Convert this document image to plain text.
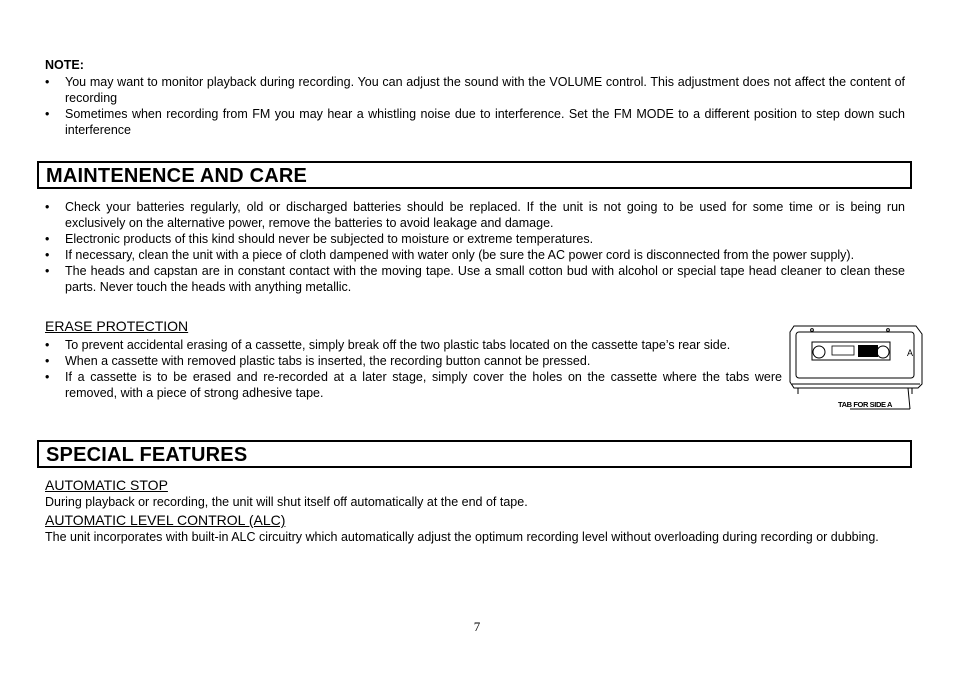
NOTE:
• You may want to monitor playback during recording. You can adjust the sound with the VOLUME control. This adjustment does not affect the content of recording
• Sometimes when recording from FM you may hear a whistling noise due to interference. Set the FM MODE to a different position to step down such interference
MAINTENENCE AND CARE
• Check your batteries regularly, old or discharged batteries should be replaced. If the unit is not going to be used for some time or is being run exclusively on the alternative power, remove the batteries to avoid leakage and damage.
• Electronic products of this kind should never be subjected to moisture or extreme temperatures.
• If necessary, clean the unit with a piece of cloth dampened with water only (be sure the AC power cord is disconnected from the power supply).
• The heads and capstan are in constant contact with the moving tape. Use a small cotton bud with alcohol or special tape head cleaner to clean these parts. Never touch the heads with anything metallic.
ERASE PROTECTION
• To prevent accidental erasing of a cassette, simply break off the two plastic tabs located on the cassette tape’s rear side.
• When a cassette with removed plastic tabs is inserted, the recording button cannot be pressed.
• If a cassette is to be erased and re-recorded at a later stage, simply cover the holes on the cassette where the tabs were removed, with a piece of strong adhesive tape.
A
TAB FOR SIDE A
SPECIAL FEATURES
AUTOMATIC STOP
During playback or recording, the unit will shut itself off automatically at the end of tape.
AUTOMATIC LEVEL CONTROL (ALC)
The unit incorporates with built-in ALC circuitry which automatically adjust the optimum recording level without overloading during recording or dubbing.
7
